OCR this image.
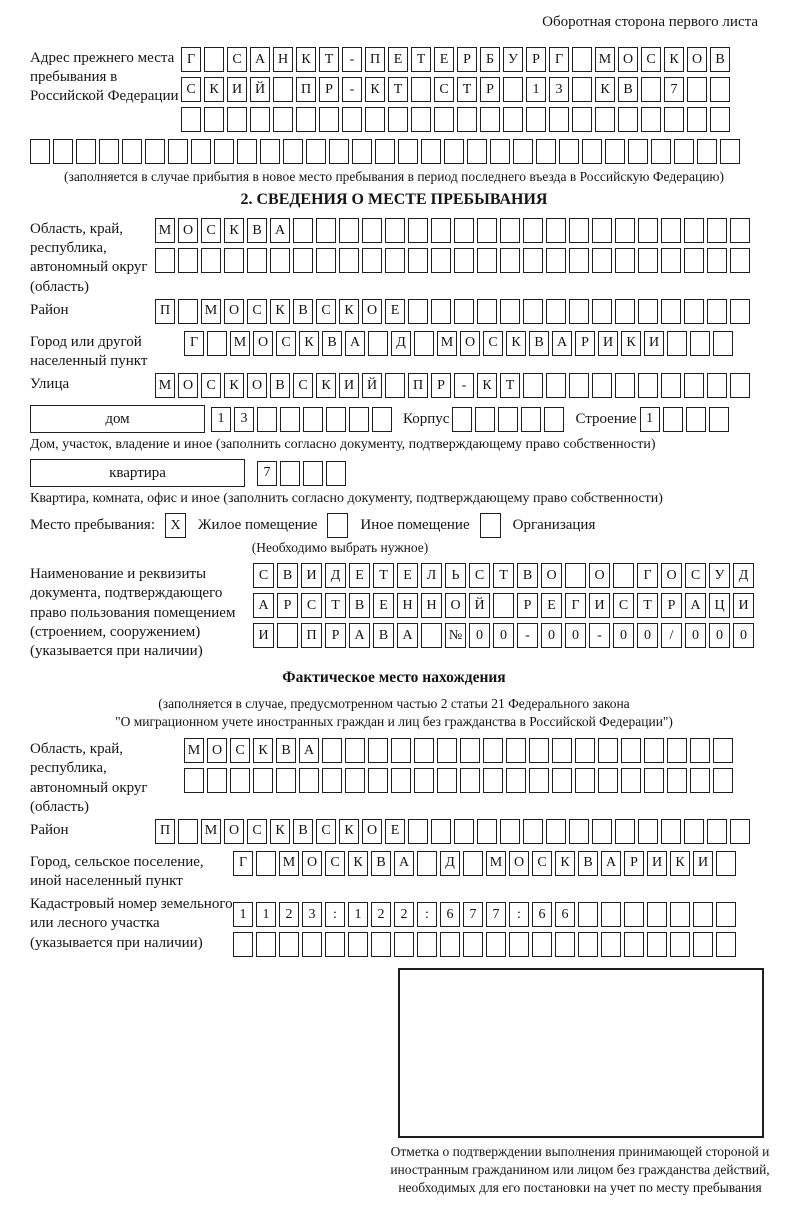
Оборотная сторона первого листа
Адрес прежнего места пребывания в Российской Федерации
Г	С А Н К	Т	-	П Е	Т	Е	Р	Б	У	Р	Г	М О С К О В
С К И Й	П	Р	-	К	Т	С	Т	Р	1	3	К В	7
(заполняется в случае прибытия в новое место пребывания в период последнего въезда в Российскую Федерацию)
2. СВЕДЕНИЯ О МЕСТЕ ПРЕБЫВАНИЯ
Область, край, республика, автономный округ (область)
М О С К В А
Район	П	М О С К В С К О Е
Город или другой населенный пункт
Г	М О С К В А	Д	М О С К В А	Р	И К И
Улица	М О С К О В С К И Й	П	Р	-	К	Т
дом	1	3	Корпус	Строение 1
Дом, участок, владение и иное (заполнить согласно документу, подтверждающему право собственности)
квартира	7
Квартира, комната, офис и иное (заполнить согласно документу, подтверждающему право собственности)
Место пребывания:	X	Жилое помещение	Иное помещение	Организация
(Необходимо выбрать нужное)
Наименование и реквизиты документа, подтверждающего право пользования помещением (строением, сооружением) (указывается при наличии)
С	В	И	Д	Е	Т	Е	Л	Ь	С	Т	В	О	О	Г	О	С	У	Д
А	Р	С	Т	В	Е	Н Н О Й	Р	Е	Г	И	С	Т	Р	А Ц И
И	П	Р	А	В	А	№ 0	0	-	0	0	-	0	0	/	0	0	0
Фактическое место нахождения
(заполняется в случае, предусмотренном частью 2 статьи 21 Федерального закона
"О миграционном учете иностранных граждан и лиц без гражданства в Российской Федерации")
Область, край, республика, автономный округ (область)
М О С К В А
Район	П	М О С К В С К О Е
Город, сельское поселение, иной населенный пункт
Г	М О С К В А	Д	М О С К В А	Р	И К И
Кадастровый номер земельного или лесного участка (указывается при наличии)
1	1	2	3	:	1	2	2	:	6	7	7	:	6	6
Отметка о подтверждении выполнения принимающей стороной и иностранным гражданином или лицом без гражданства действий, необходимых для его постановки на учет по месту пребывания
